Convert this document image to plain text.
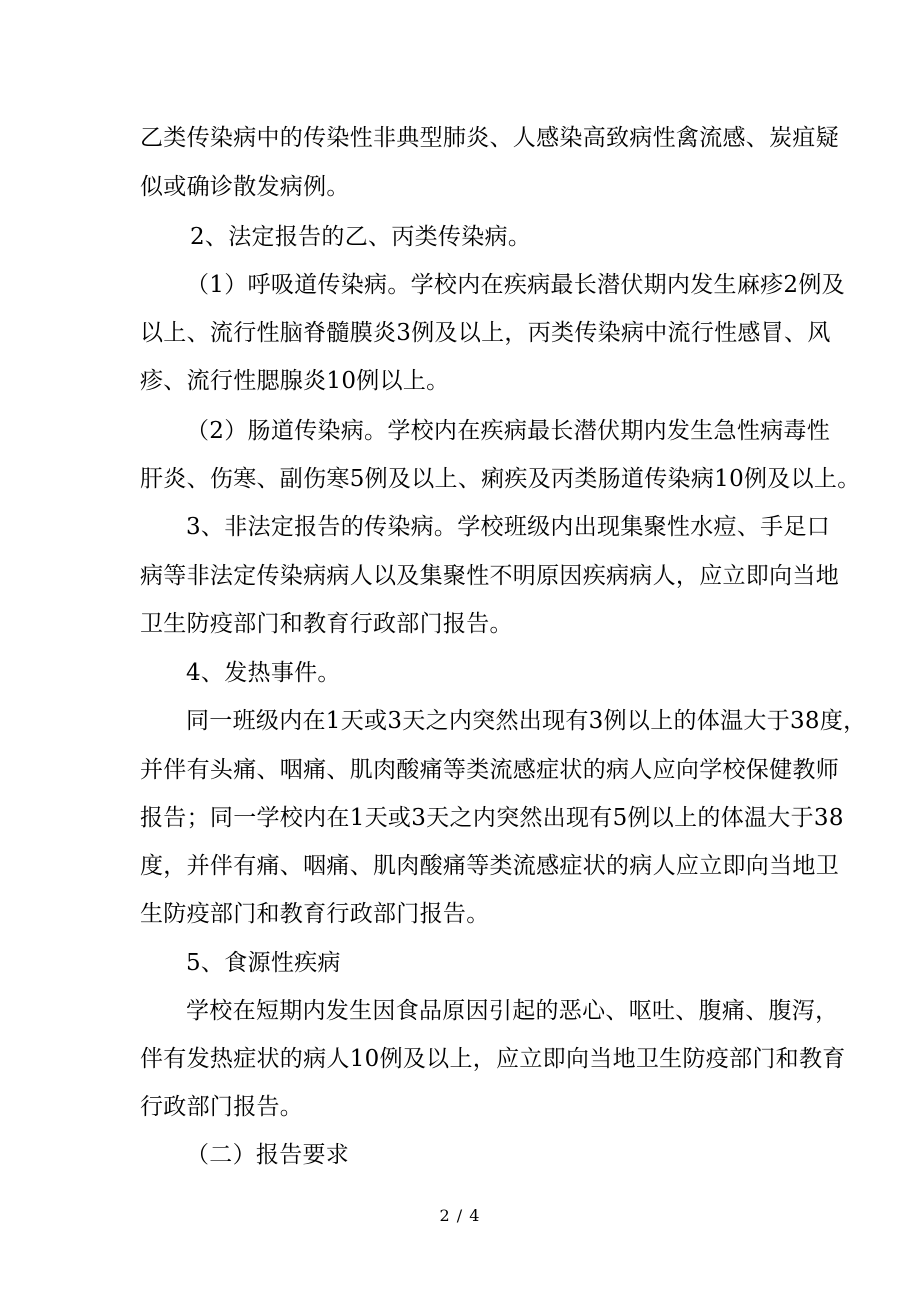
乙类传染病中的传染性非典型肺炎、人感染高致病性禽流感、炭疽疑
似或确诊散发病例。
2、法定报告的乙、丙类传染病。
（1）呼吸道传染病。学校内在疾病最长潜伏期内发生麻疹2例及
以上、流行性脑脊髓膜炎3例及以上，丙类传染病中流行性感冒、风
疹、流行性腮腺炎10例以上。
（2）肠道传染病。学校内在疾病最长潜伏期内发生急性病毒性
肝炎、伤寒、副伤寒5例及以上、痢疾及丙类肠道传染病10例及以上。
3、非法定报告的传染病。学校班级内出现集聚性水痘、手足口
病等非法定传染病病人以及集聚性不明原因疾病病人，应立即向当地
卫生防疫部门和教育行政部门报告。
4、发热事件。
同一班级内在1天或3天之内突然出现有3例以上的体温大于38度，
并伴有头痛、咽痛、肌肉酸痛等类流感症状的病人应向学校保健教师
报告；同一学校内在1天或3天之内突然出现有5例以上的体温大于38
度，并伴有痛、咽痛、肌肉酸痛等类流感症状的病人应立即向当地卫
生防疫部门和教育行政部门报告。
5、食源性疾病
学校在短期内发生因食品原因引起的恶心、呕吐、腹痛、腹泻，
伴有发热症状的病人10例及以上，应立即向当地卫生防疫部门和教育
行政部门报告。
（二）报告要求
2 / 4
